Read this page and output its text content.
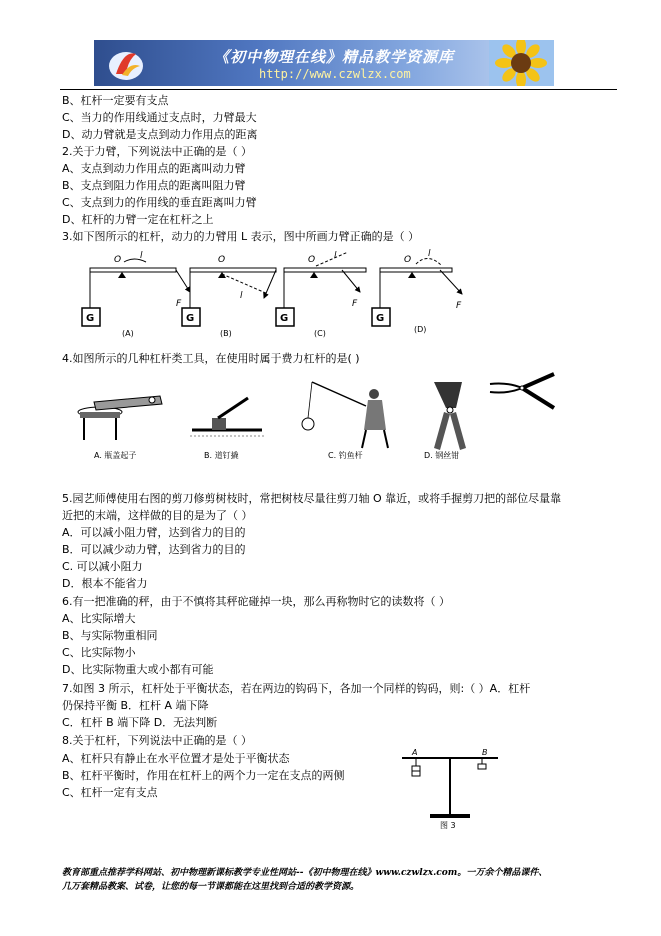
《初中物理在线》精品教学资源库
http://www.czwlzx.com
B、杠杆一定要有支点
C、当力的作用线通过支点时，力臂最大
D、动力臂就是支点到动力作用点的距离
2.关于力臂，下列说法中正确的是（ ）
A、支点到动力作用点的距离叫动力臂
B、支点到阻力作用点的距离叫阻力臂
C、支点到力的作用线的垂直距离叫力臂
D、杠杆的力臂一定在杠杆之上
3.如下图所示的杠杆，动力的力臂用 L 表示，图中所画力臂正确的是（ ）
G
O l
F
(A)
G
O
l
(B)
G
O l
F
(C)
G
O
l
F
(D)
4.如图所示的几种杠杆类工具，在使用时属于费力杠杆的是( )
A. 瓶盖起子	B. 道钉撬	C. 钓鱼杆	D. 钢丝钳
5.园艺师傅使用右图的剪刀修剪树枝时，常把树枝尽量往剪刀轴 O 靠近，或将手握剪刀把的部位尽量靠
近把的末端，这样做的目的是为了（ ）
A．可以减小阻力臂，达到省力的目的
B．可以减少动力臂，达到省力的目的
C. 可以减小阻力
D．根本不能省力
6.有一把准确的秤，由于不慎将其秤砣碰掉一块，那么再称物时它的读数将（ ）
A、比实际增大
B、与实际物重相同
C、比实际物小
D、比实际物重大或小都有可能
7.如图 3 所示，杠杆处于平衡状态，若在两边的钩码下，各加一个同样的钩码，则:（ ）A．杠杆
仍保持平衡 B．杠杆 A 端下降
C．杠杆 B 端下降 D．无法判断
8.关于杠杆，下列说法中正确的是（ ）
A、杠杆只有静止在水平位置才是处于平衡状态
B、杠杆平衡时，作用在杠杆上的两个力一定在支点的两侧
C、杠杆一定有支点
A	B
图 3
教育部重点推荐学科网站、初中物理新课标教学专业性网站--《初中物理在线》www.czwlzx.com。一万余个精品课件、
几万套精品教案、试卷，让您的每一节课都能在这里找到合适的教学资源。
